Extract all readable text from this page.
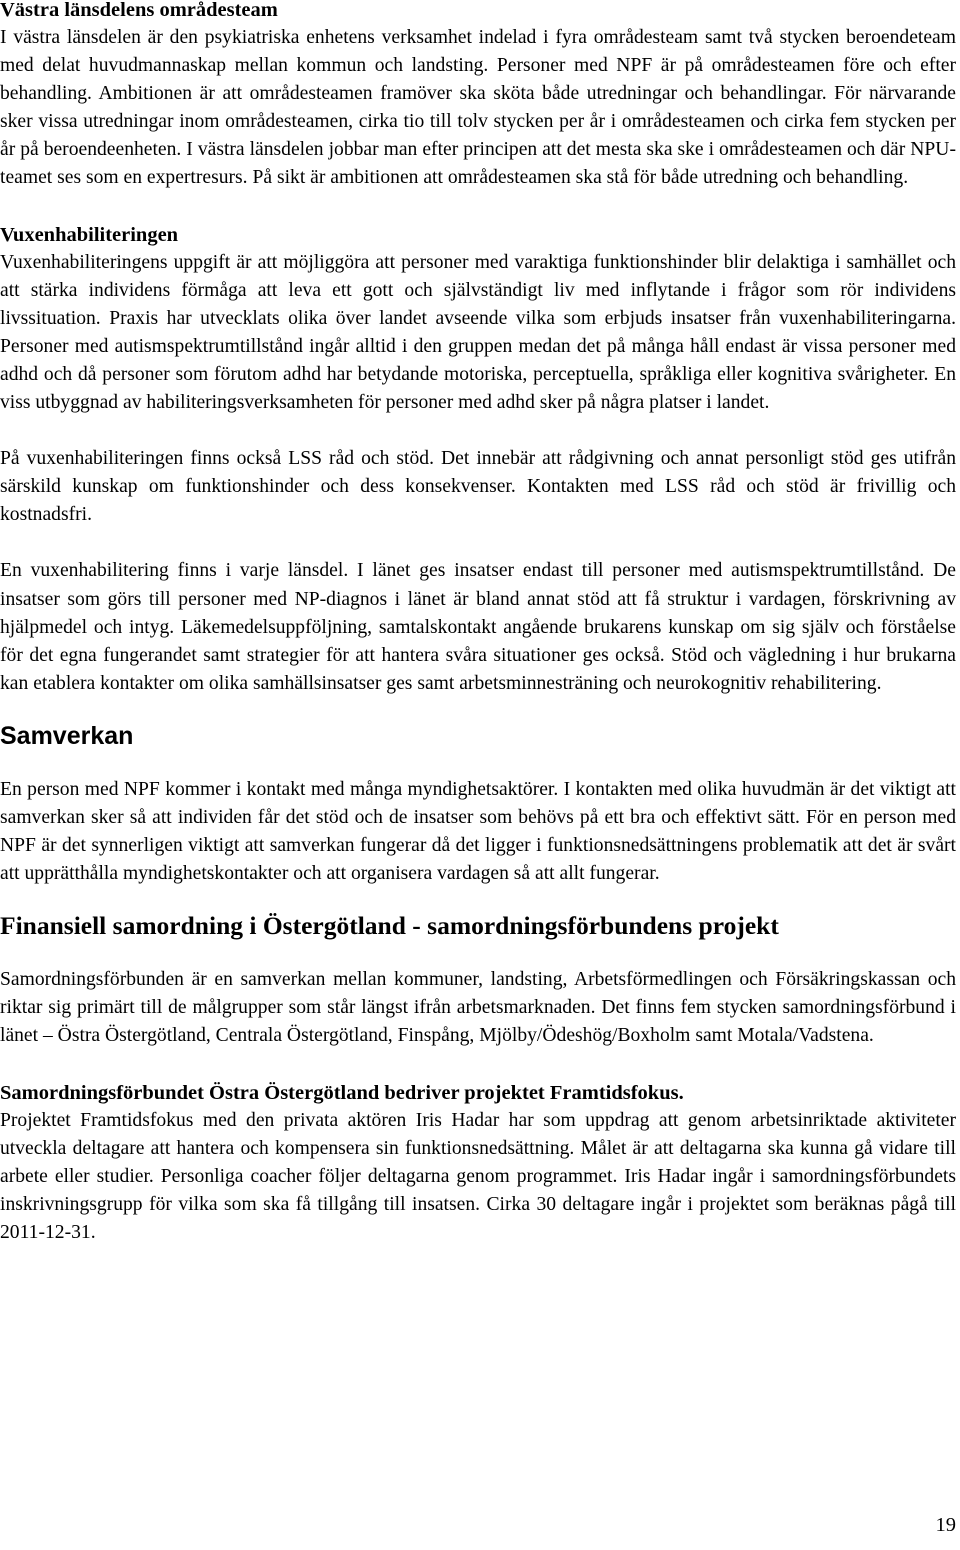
Västra länsdelens områdesteam

I västra länsdelen är den psykiatriska enhetens verksamhet indelad i fyra områdesteam samt två stycken beroendeteam med delat huvudmannaskap mellan kommun och landsting. Personer med NPF är på områdesteamen före och efter behandling. Ambitionen är att områdesteamen framöver ska sköta både utredningar och behandlingar. För närvarande sker vissa utredningar inom områdesteamen, cirka tio till tolv stycken per år i områdesteamen och cirka fem stycken per år på beroendeenheten. I västra länsdelen jobbar man efter principen att det mesta ska ske i områdesteamen och där NPU-teamet ses som en expertresurs. På sikt är ambitionen att områdesteamen ska stå för både utredning och behandling.

Vuxenhabiliteringen

Vuxenhabiliteringens uppgift är att möjliggöra att personer med varaktiga funktionshinder blir delaktiga i samhället och att stärka individens förmåga att leva ett gott och självständigt liv med inflytande i frågor som rör individens livssituation. Praxis har utvecklats olika över landet avseende vilka som erbjuds insatser från vuxenhabiliteringarna. Personer med autismspektrumtillstånd ingår alltid i den gruppen medan det på många håll endast är vissa personer med adhd och då personer som förutom adhd har betydande motoriska, perceptuella, språkliga eller kognitiva svårigheter. En viss utbyggnad av habiliteringsverksamheten för personer med adhd sker på några platser i landet.

På vuxenhabiliteringen finns också LSS råd och stöd. Det innebär att rådgivning och annat personligt stöd ges utifrån särskild kunskap om funktionshinder och dess konsekvenser. Kontakten med LSS råd och stöd är frivillig och kostnadsfri.

En vuxenhabilitering finns i varje länsdel. I länet ges insatser endast till personer med autismspektrumtillstånd. De insatser som görs till personer med NP-diagnos i länet är bland annat stöd att få struktur i vardagen, förskrivning av hjälpmedel och intyg. Läkemedelsuppföljning, samtalskontakt angående brukarens kunskap om sig själv och förståelse för det egna fungerandet samt strategier för att hantera svåra situationer ges också. Stöd och vägledning i hur brukarna kan etablera kontakter om olika samhällsinsatser ges samt arbetsminnesträning och neurokognitiv rehabilitering.

Samverkan

En person med NPF kommer i kontakt med många myndighetsaktörer. I kontakten med olika huvudmän är det viktigt att samverkan sker så att individen får det stöd och de insatser som behövs på ett bra och effektivt sätt. För en person med NPF är det synnerligen viktigt att samverkan fungerar då det ligger i funktionsnedsättningens problematik att det är svårt att upprätthålla myndighetskontakter och att organisera vardagen så att allt fungerar.

Finansiell samordning i Östergötland - samordningsförbundens projekt

Samordningsförbunden är en samverkan mellan kommuner, landsting, Arbetsförmedlingen och Försäkringskassan och riktar sig primärt till de målgrupper som står längst ifrån arbetsmarknaden. Det finns fem stycken samordningsförbund i länet – Östra Östergötland, Centrala Östergötland, Finspång, Mjölby/Ödeshög/Boxholm samt Motala/Vadstena.

Samordningsförbundet Östra Östergötland bedriver projektet Framtidsfokus.

Projektet Framtidsfokus med den privata aktören Iris Hadar har som uppdrag att genom arbetsinriktade aktiviteter utveckla deltagare att hantera och kompensera sin funktionsnedsättning. Målet är att deltagarna ska kunna gå vidare till arbete eller studier. Personliga coacher följer deltagarna genom programmet. Iris Hadar ingår i samordningsförbundets inskrivningsgrupp för vilka som ska få tillgång till insatsen. Cirka 30 deltagare ingår i projektet som beräknas pågå till 2011-12-31.

19
